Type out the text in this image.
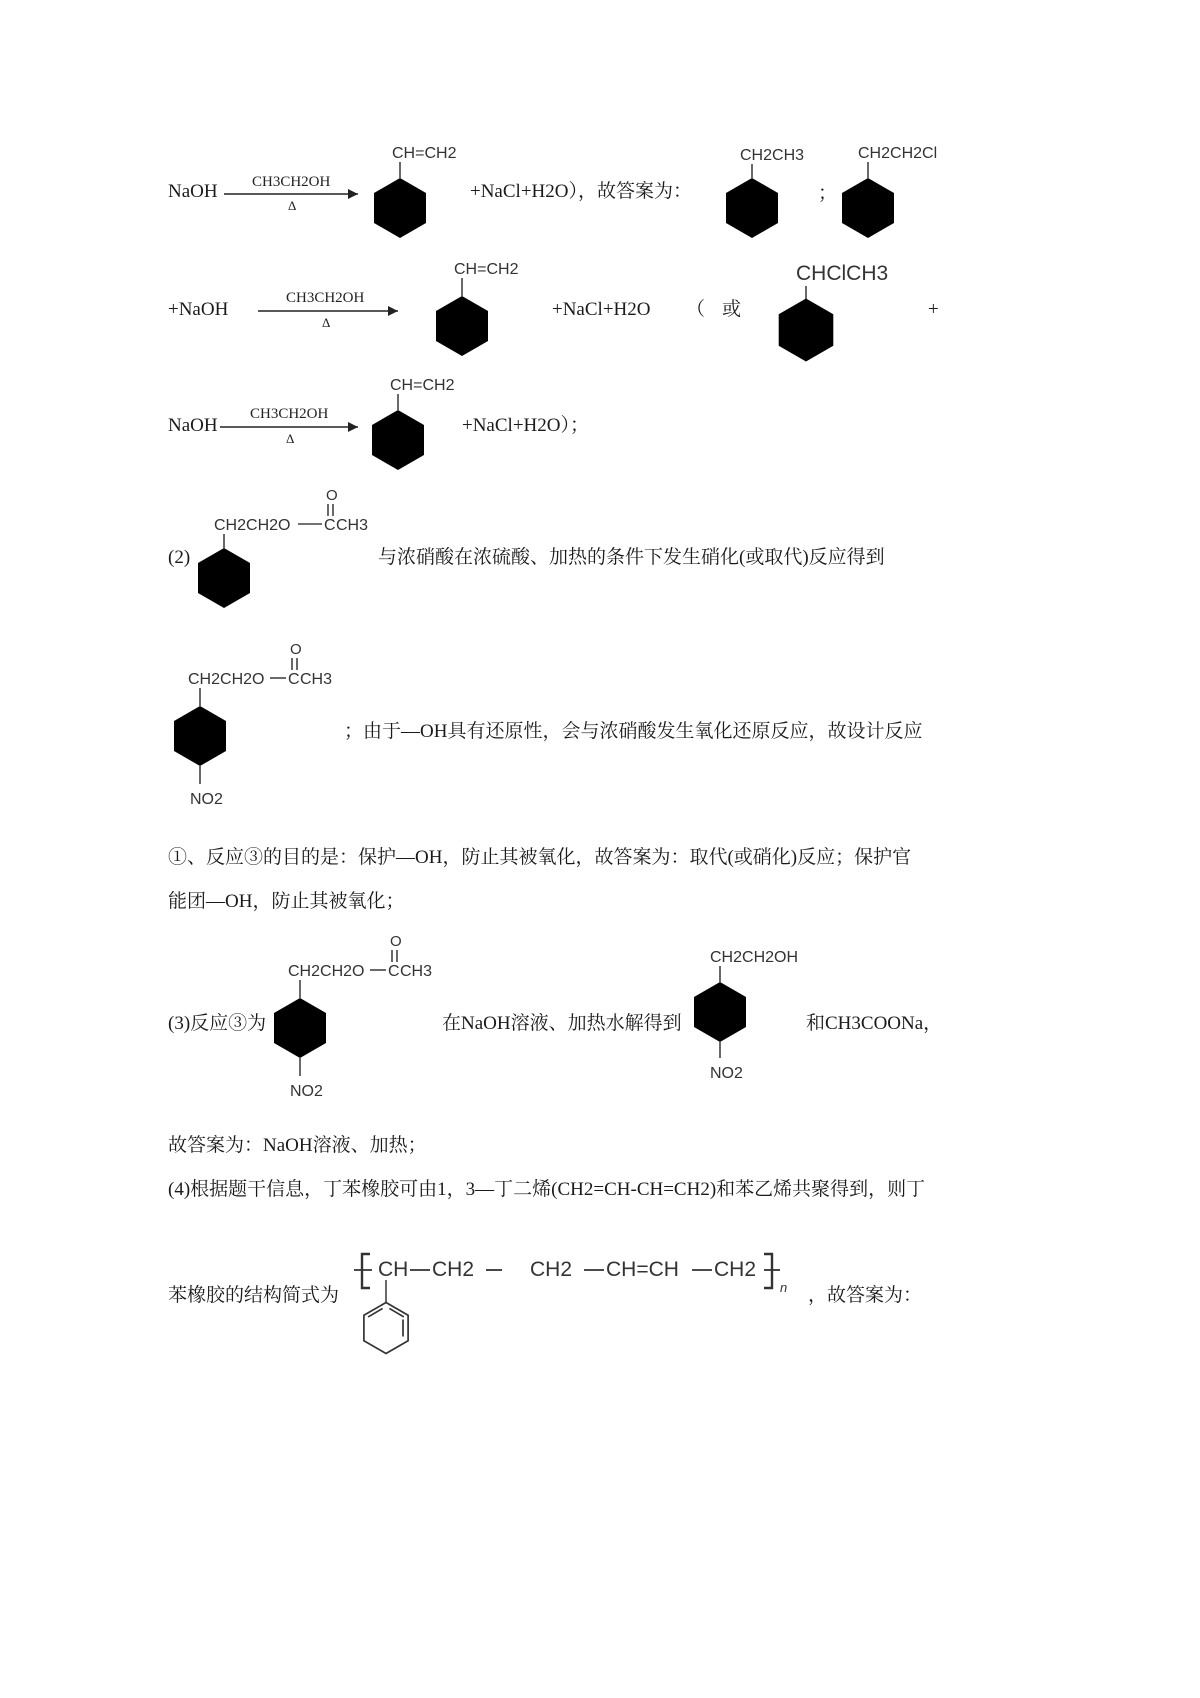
NaOH CH3CH2OH
Δ
CH=CH2
+NaCl+H2O），故答案为：
CH2CH3
；
CH2CH2Cl
+NaOH
CH3CH2OH
Δ
CH=CH2
+NaCl+H2O （ 或
CHClCH3
+
NaOH
CH3CH2OH
Δ
CH=CH2
+NaCl+H2O）；
(2)
O
CH2CH2O C CH3
与浓硝酸在浓硫酸、加热的条件下发生硝化(或取代)反应得到
O
CH2CH2O C CH3
NO2
；由于—OH具有还原性，会与浓硝酸发生氧化还原反应，故设计反应
①、反应③的目的是：保护—OH，防止其被氧化，故答案为：取代(或硝化)反应；保护官
能团—OH，防止其被氧化；
(3)反应③为
O
CH2CH2O C CH3
NO2
在NaOH溶液、加热水解得到
CH2CH2OH
NO2
和CH3COONa，
故答案为：NaOH溶液、加热；
(4)根据题干信息，丁苯橡胶可由1，3—丁二烯(CH2=CH-CH=CH2)和苯乙烯共聚得到，则丁
苯橡胶的结构简式为
CH CH2	CH2 CH=CH CH2
n ，故答案为：
